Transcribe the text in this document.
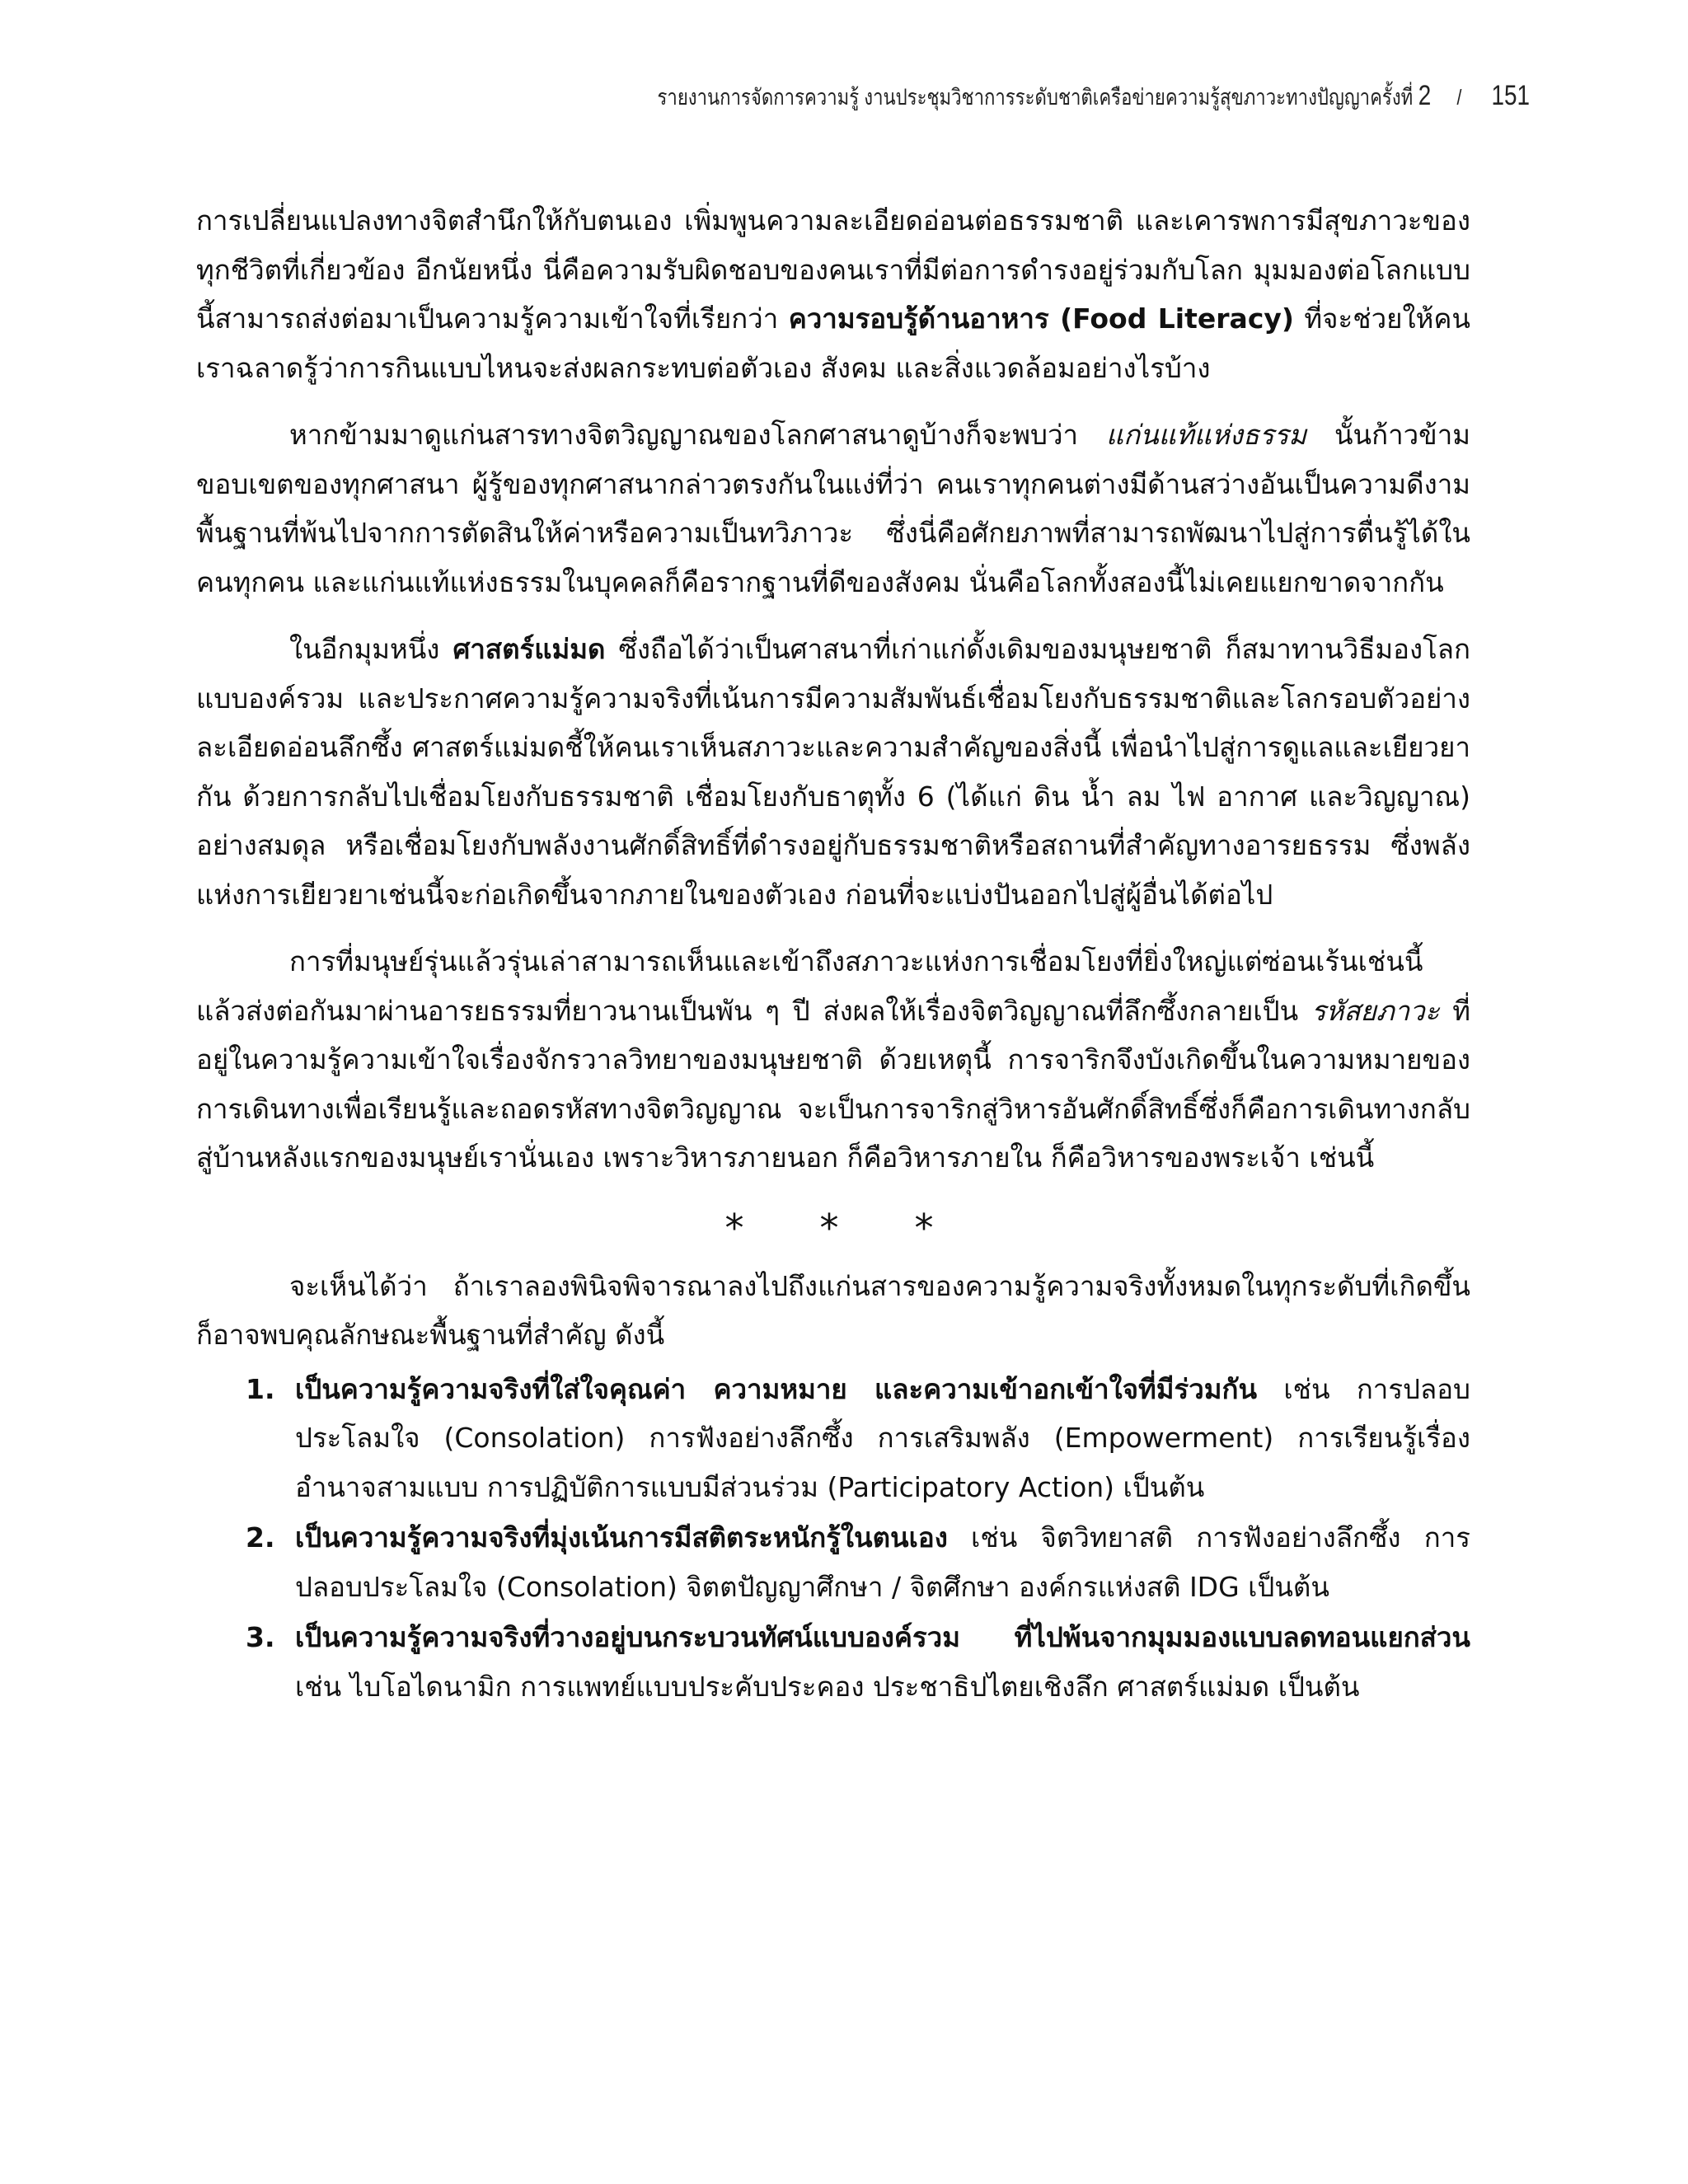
รายงานการจัดการความรู้ งานประชุมวิชาการระดับชาติเครือข่ายความรู้สุขภาวะทางปัญญาครั้งที่ 2 / 151

การเปลี่ยนแปลงทางจิตสำนึกให้กับตนเอง เพิ่มพูนความละเอียดอ่อนต่อธรรมชาติ และเคารพการมีสุขภาวะของทุกชีวิตที่เกี่ยวข้อง อีกนัยหนึ่ง นี่คือความรับผิดชอบของคนเราที่มีต่อการดำรงอยู่ร่วมกับโลก มุมมองต่อโลกแบบนี้สามารถส่งต่อมาเป็นความรู้ความเข้าใจที่เรียกว่า ความรอบรู้ด้านอาหาร (Food Literacy) ที่จะช่วยให้คนเราฉลาดรู้ว่าการกินแบบไหนจะส่งผลกระทบต่อตัวเอง สังคม และสิ่งแวดล้อมอย่างไรบ้าง

หากข้ามมาดูแก่นสารทางจิตวิญญาณของโลกศาสนาดูบ้างก็จะพบว่า แก่นแท้แห่งธรรม นั้นก้าวข้ามขอบเขตของทุกศาสนา ผู้รู้ของทุกศาสนากล่าวตรงกันในแง่ที่ว่า คนเราทุกคนต่างมีด้านสว่างอันเป็นความดีงามพื้นฐานที่พ้นไปจากการตัดสินให้ค่าหรือความเป็นทวิภาวะ ซึ่งนี่คือศักยภาพที่สามารถพัฒนาไปสู่การตื่นรู้ได้ในคนทุกคน และแก่นแท้แห่งธรรมในบุคคลก็คือรากฐานที่ดีของสังคม นั่นคือโลกทั้งสองนี้ไม่เคยแยกขาดจากกัน

ในอีกมุมหนึ่ง ศาสตร์แม่มด ซึ่งถือได้ว่าเป็นศาสนาที่เก่าแก่ดั้งเดิมของมนุษยชาติ ก็สมาทานวิธีมองโลกแบบองค์รวม และประกาศความรู้ความจริงที่เน้นการมีความสัมพันธ์เชื่อมโยงกับธรรมชาติและโลกรอบตัวอย่างละเอียดอ่อนลึกซึ้ง ศาสตร์แม่มดชี้ให้คนเราเห็นสภาวะและความสำคัญของสิ่งนี้ เพื่อนำไปสู่การดูแลและเยียวยากัน ด้วยการกลับไปเชื่อมโยงกับธรรมชาติ เชื่อมโยงกับธาตุทั้ง 6 (ได้แก่ ดิน น้ำ ลม ไฟ อากาศ และวิญญาณ) อย่างสมดุล หรือเชื่อมโยงกับพลังงานศักดิ์สิทธิ์ที่ดำรงอยู่กับธรรมชาติหรือสถานที่สำคัญทางอารยธรรม ซึ่งพลังแห่งการเยียวยาเช่นนี้จะก่อเกิดขึ้นจากภายในของตัวเอง ก่อนที่จะแบ่งปันออกไปสู่ผู้อื่นได้ต่อไป

การที่มนุษย์รุ่นแล้วรุ่นเล่าสามารถเห็นและเข้าถึงสภาวะแห่งการเชื่อมโยงที่ยิ่งใหญ่แต่ซ่อนเร้นเช่นนี้ แล้วส่งต่อกันมาผ่านอารยธรรมที่ยาวนานเป็นพัน ๆ ปี ส่งผลให้เรื่องจิตวิญญาณที่ลึกซึ้งกลายเป็น รหัสยภาวะ ที่อยู่ในความรู้ความเข้าใจเรื่องจักรวาลวิทยาของมนุษยชาติ ด้วยเหตุนี้ การจาริกจึงบังเกิดขึ้นในความหมายของการเดินทางเพื่อเรียนรู้และถอดรหัสทางจิตวิญญาณ จะเป็นการจาริกสู่วิหารอันศักดิ์สิทธิ์ซึ่งก็คือการเดินทางกลับสู่บ้านหลังแรกของมนุษย์เรานั่นเอง เพราะวิหารภายนอก ก็คือวิหารภายใน ก็คือวิหารของพระเจ้า เช่นนี้

* * *

จะเห็นได้ว่า ถ้าเราลองพินิจพิจารณาลงไปถึงแก่นสารของความรู้ความจริงทั้งหมดในทุกระดับที่เกิดขึ้น ก็อาจพบคุณลักษณะพื้นฐานที่สำคัญ ดังนี้

1. เป็นความรู้ความจริงที่ใส่ใจคุณค่า ความหมาย และความเข้าอกเข้าใจที่มีร่วมกัน เช่น การปลอบประโลมใจ (Consolation) การฟังอย่างลึกซึ้ง การเสริมพลัง (Empowerment) การเรียนรู้เรื่องอำนาจสามแบบ การปฏิบัติการแบบมีส่วนร่วม (Participatory Action) เป็นต้น
2. เป็นความรู้ความจริงที่มุ่งเน้นการมีสติตระหนักรู้ในตนเอง เช่น จิตวิทยาสติ การฟังอย่างลึกซึ้ง การปลอบประโลมใจ (Consolation) จิตตปัญญาศึกษา / จิตศึกษา องค์กรแห่งสติ IDG เป็นต้น
3. เป็นความรู้ความจริงที่วางอยู่บนกระบวนทัศน์แบบองค์รวม ที่ไปพ้นจากมุมมองแบบลดทอนแยกส่วน เช่น ไบโอไดนามิก การแพทย์แบบประคับประคอง ประชาธิปไตยเชิงลึก ศาสตร์แม่มด เป็นต้น
